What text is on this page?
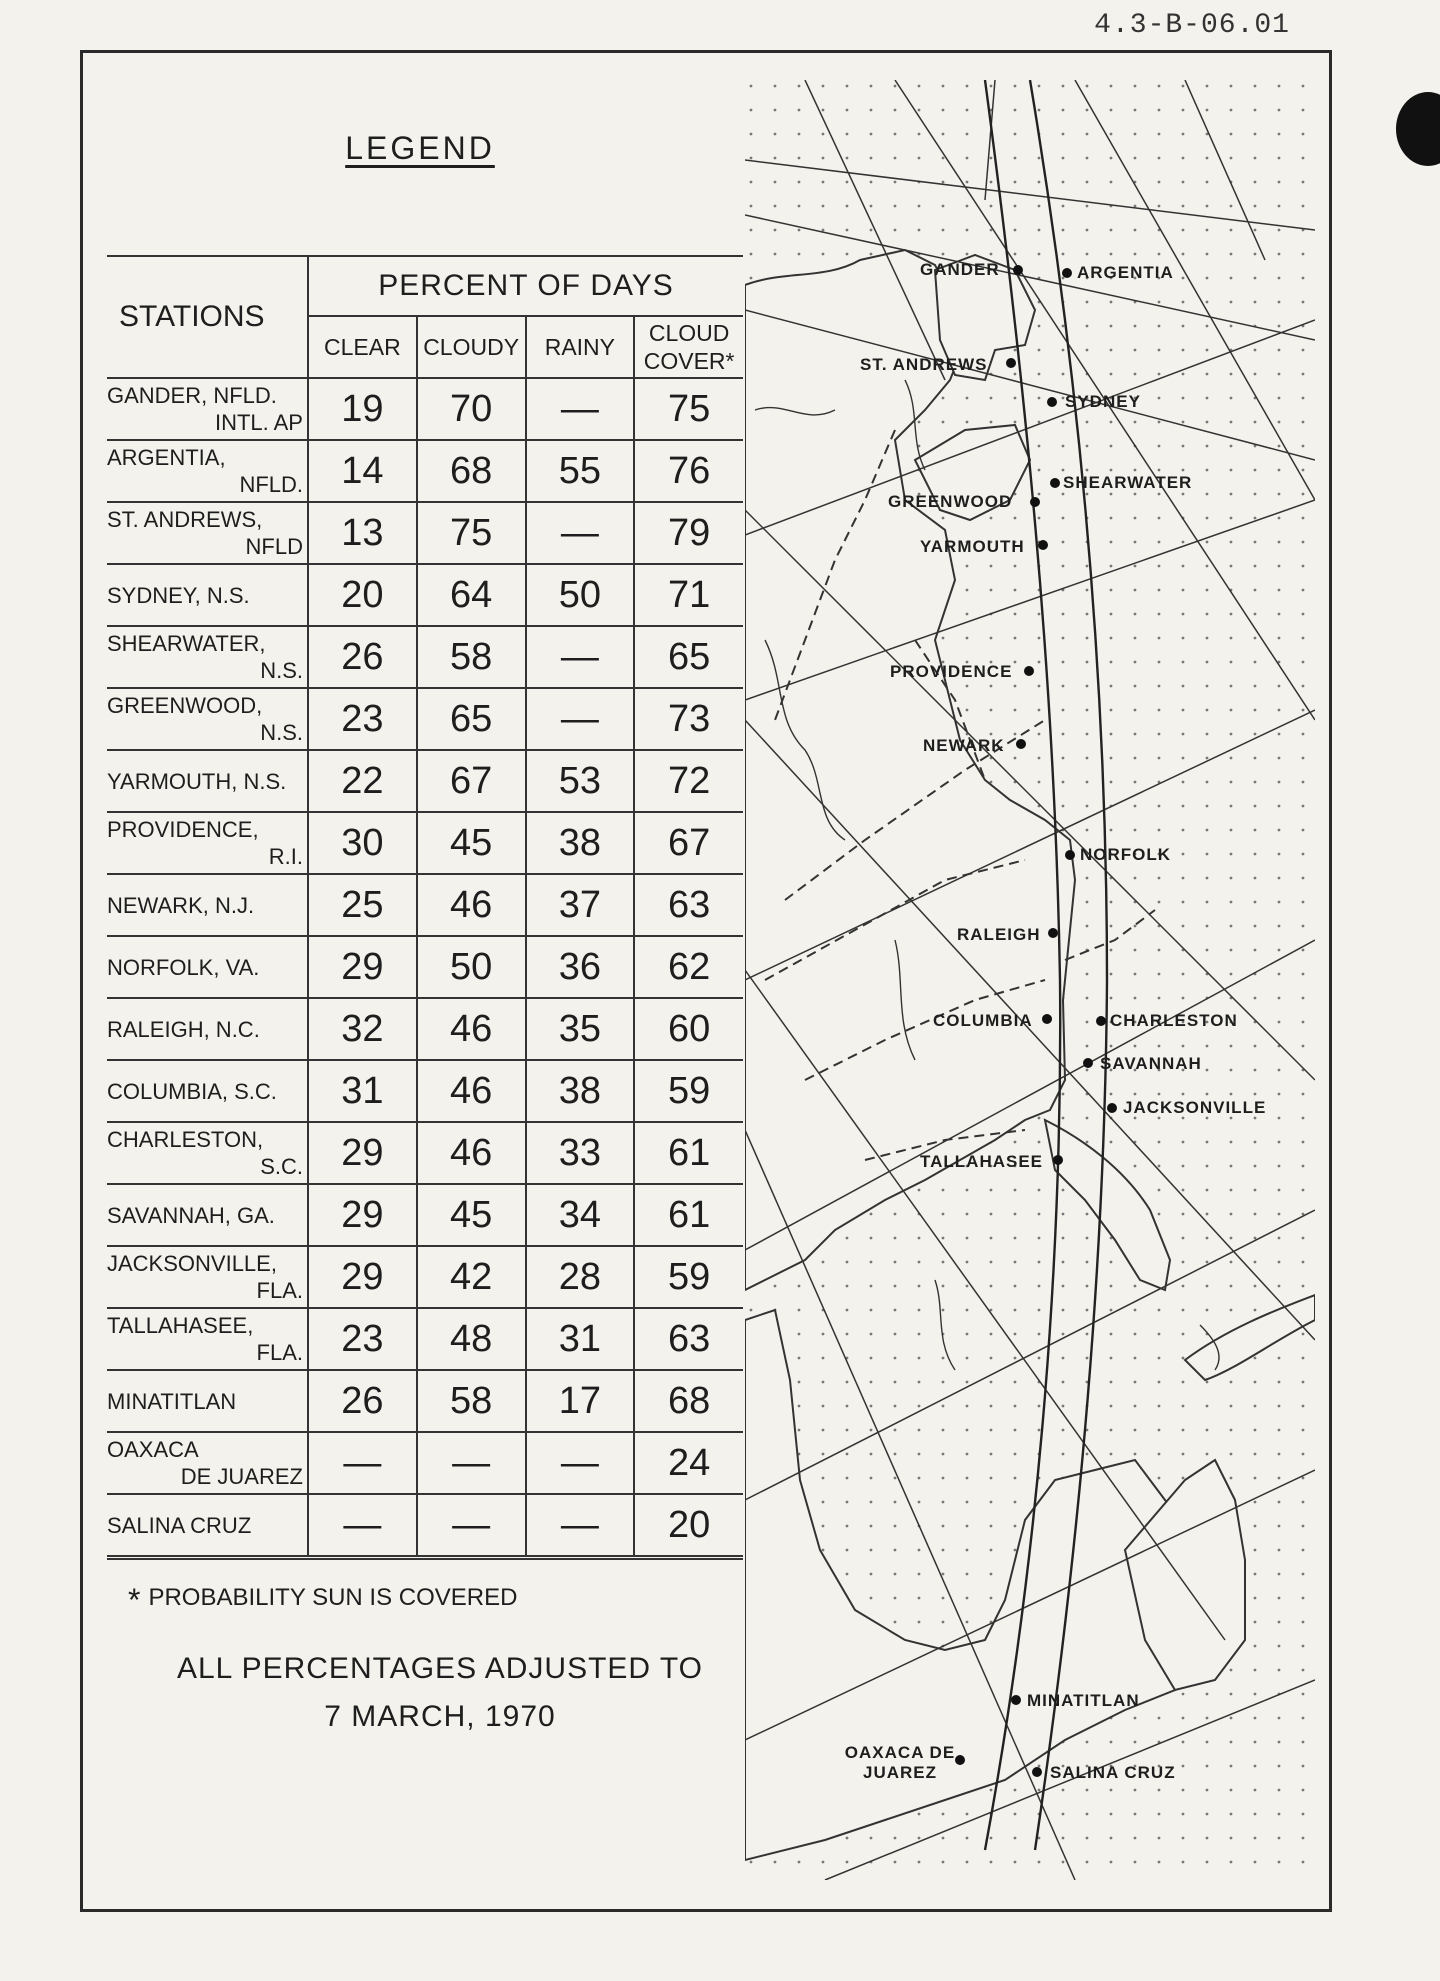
4.3-B-06.01
LEGEND
STATIONS	PERCENT OF DAYS			
	CLEAR	CLOUDY	RAINY	CLOUD COVER*

GANDER, NFLD.
INTL. AP	19	70	—	75

ARGENTIA,
NFLD.	14	68	55	76

ST. ANDREWS,
NFLD	13	75	—	79

SYDNEY, N.S.	20	64	50	71

SHEARWATER,
N.S.	26	58	—	65

GREENWOOD,
N.S.	23	65	—	73

YARMOUTH, N.S.	22	67	53	72

PROVIDENCE,
R.I.	30	45	38	67

NEWARK, N.J.	25	46	37	63

NORFOLK, VA.	29	50	36	62

RALEIGH, N.C.	32	46	35	60

COLUMBIA, S.C.	31	46	38	59

CHARLESTON,
S.C.	29	46	33	61

SAVANNAH, GA.	29	45	34	61

JACKSONVILLE,
FLA.	29	42	28	59

TALLAHASEE,
FLA.	23	48	31	63

MINATITLAN	26	58	17	68

OAXACA
DE JUAREZ	—	—	—	24

SALINA CRUZ	—	—	—	20
* PROBABILITY SUN IS COVERED
ALL PERCENTAGES ADJUSTED TO
7 MARCH, 1970
GANDER	ARGENTIA
ST. ANDREWS
SYDNEY
SHEARWATER
GREENWOOD
YARMOUTH
PROVIDENCE
NEWARK
NORFOLK
RALEIGH
COLUMBIA	CHARLESTON
SAVANNAH
JACKSONVILLE
TALLAHASEE
MINATITLAN
OAXACA DE JUAREZ	SALINA CRUZ
